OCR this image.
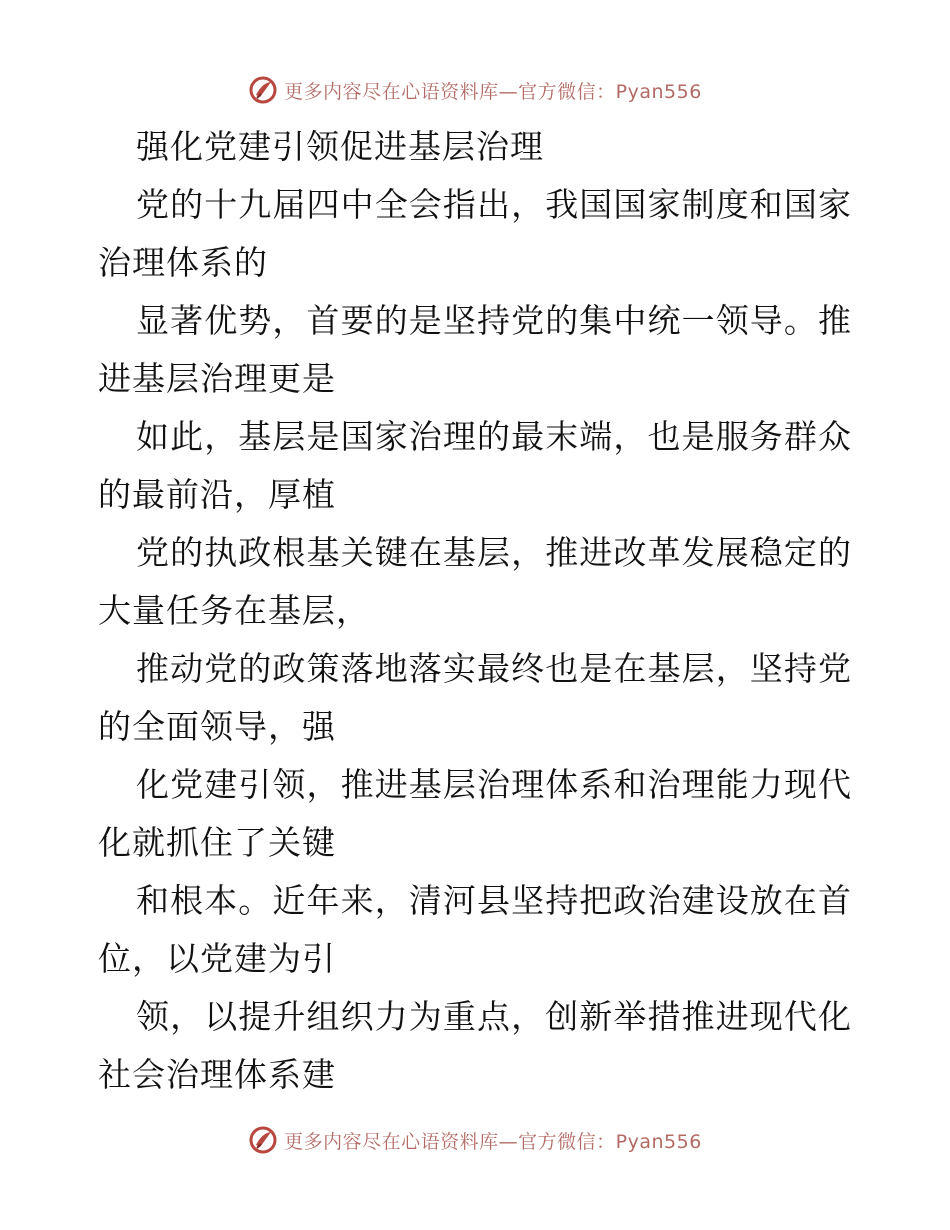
更多内容尽在心语资料库—官方微信：Pyan556
强化党建引领促进基层治理
党的十九届四中全会指出，我国国家制度和国家
治理体系的
显著优势，首要的是坚持党的集中统一领导。推
进基层治理更是
如此，基层是国家治理的最末端，也是服务群众
的最前沿，厚植
党的执政根基关键在基层，推进改革发展稳定的
大量任务在基层，
推动党的政策落地落实最终也是在基层，坚持党
的全面领导，强
化党建引领，推进基层治理体系和治理能力现代
化就抓住了关键
和根本。近年来，清河县坚持把政治建设放在首
位，以党建为引
领，以提升组织力为重点，创新举措推进现代化
社会治理体系建
更多内容尽在心语资料库—官方微信：Pyan556
